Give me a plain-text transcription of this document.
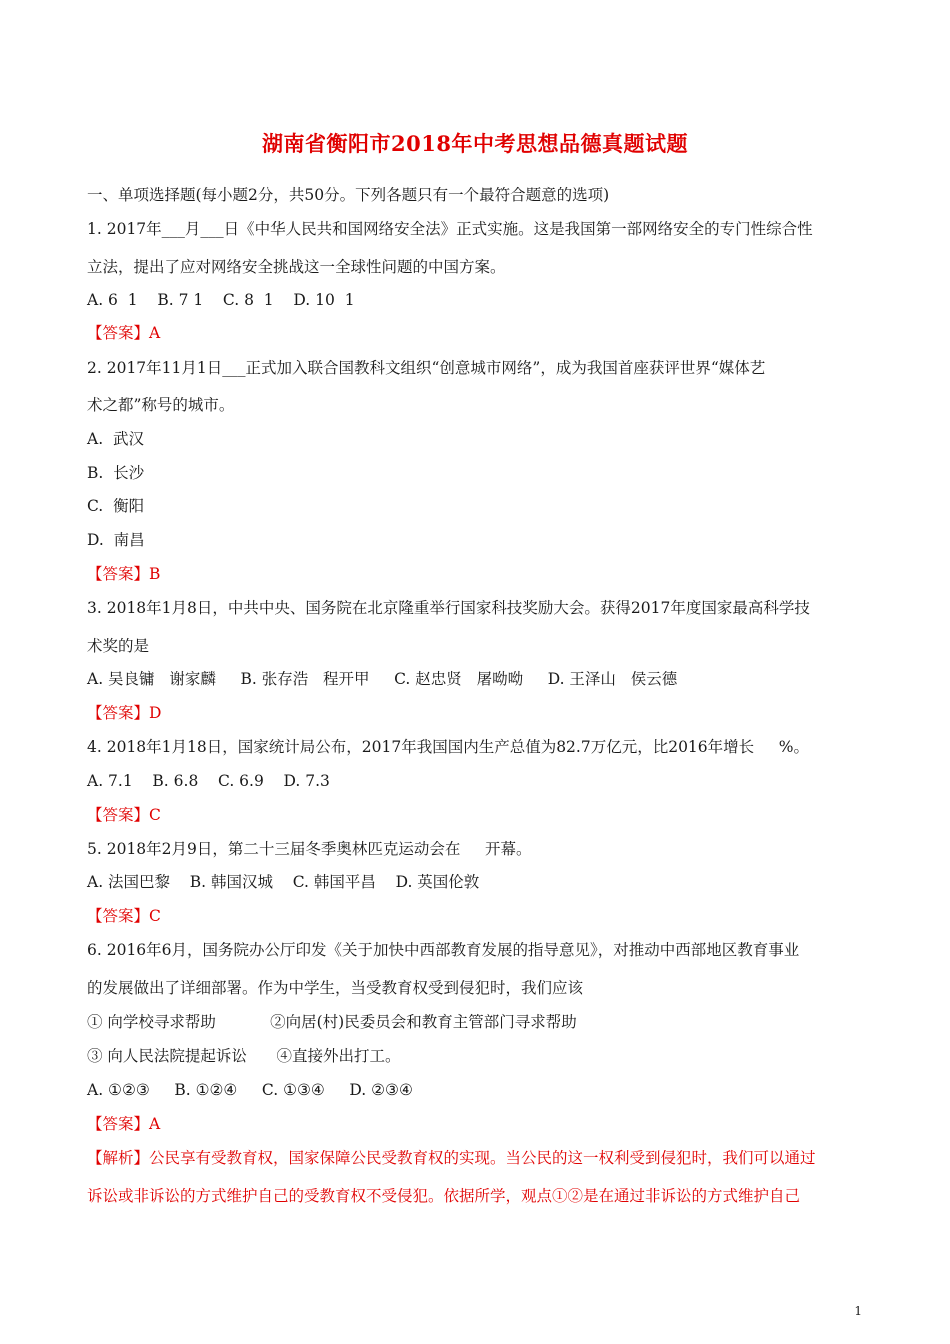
湖南省衡阳市2018年中考思想品德真题试题
一、单项选择题(每小题2分，共50分。下列各题只有一个最符合题意的选项)
1. 2017年___月___日《中华人民共和国网络安全法》正式实施。这是我国第一部网络安全的专门性综合性
立法，提出了应对网络安全挑战这一全球性问题的中国方案。
A. 6  1    B. 7 1    C. 8  1    D. 10  1
【答案】A
2. 2017年11月1日___正式加入联合国教科文组织“创意城市网络”，成为我国首座获评世界“媒体艺
术之都”称号的城市。
A.  武汉
B.  长沙
C.  衡阳
D.  南昌
【答案】B
3. 2018年1月8日，中共中央、国务院在北京隆重举行国家科技奖励大会。获得2017年度国家最高科学技
术奖的是
A. 吴良镛   谢家麟     B. 张存浩   程开甲     C. 赵忠贤   屠呦呦     D. 王泽山   侯云德
【答案】D
4. 2018年1月18日，国家统计局公布，2017年我国国内生产总值为82.7万亿元，比2016年增长     %。
A. 7.1    B. 6.8    C. 6.9    D. 7.3
【答案】C
5. 2018年2月9日，第二十三届冬季奥林匹克运动会在     开幕。
A. 法国巴黎    B. 韩国汉城    C. 韩国平昌    D. 英国伦敦
【答案】C
6. 2016年6月，国务院办公厅印发《关于加快中西部教育发展的指导意见》，对推动中西部地区教育事业
的发展做出了详细部署。作为中学生，当受教育权受到侵犯时，我们应该
① 向学校寻求帮助           ②向居(村)民委员会和教育主管部门寻求帮助
③ 向人民法院提起诉讼      ④直接外出打工。
A. ①②③     B. ①②④     C. ①③④     D. ②③④
【答案】A
【解析】公民享有受教育权，国家保障公民受教育权的实现。当公民的这一权利受到侵犯时，我们可以通过
诉讼或非诉讼的方式维护自己的受教育权不受侵犯。依据所学，观点①②是在通过非诉讼的方式维护自己
1
